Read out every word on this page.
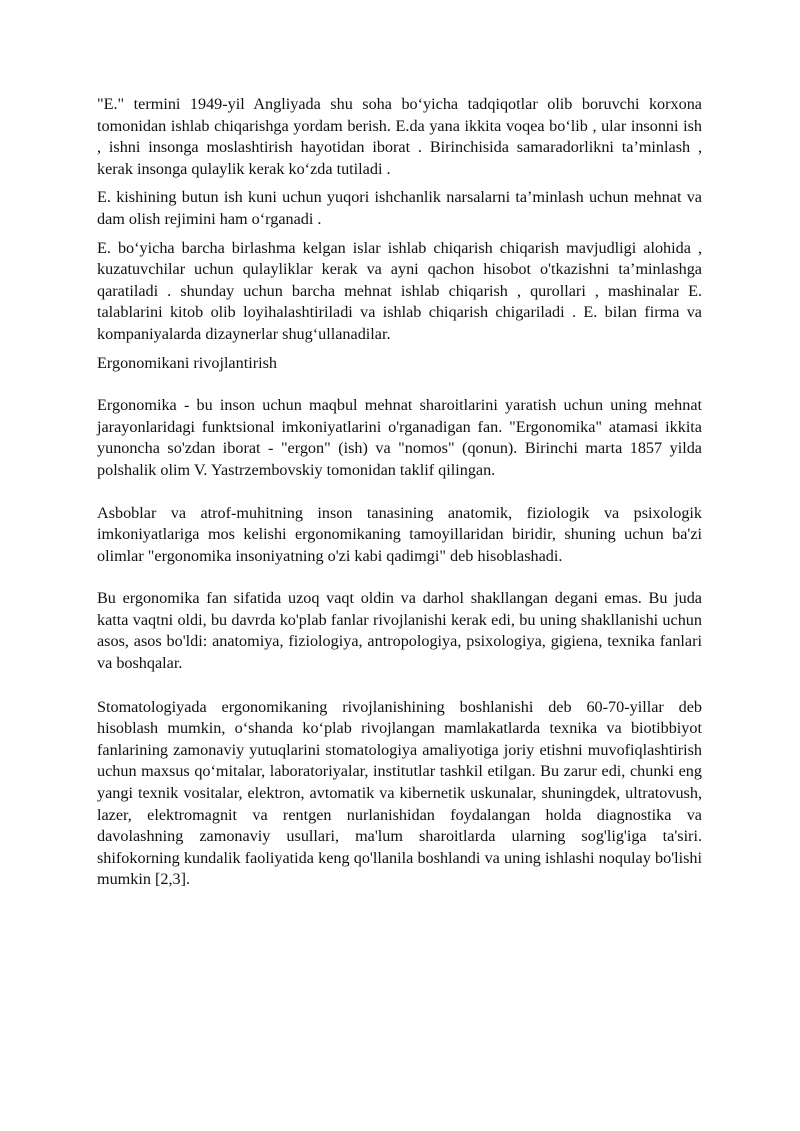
"E." termini 1949-yil Angliyada shu soha bo‘yicha tadqiqotlar olib boruvchi korxona tomonidan ishlab chiqarishga yordam berish. E.da yana ikkita voqea bo‘lib , ular insonni ish , ishni insonga moslashtirish hayotidan iborat . Birinchisida samaradorlikni ta’minlash , kerak insonga qulaylik kerak ko‘zda tutiladi .

E. kishining butun ish kuni uchun yuqori ishchanlik narsalarni ta’minlash uchun mehnat va dam olish rejimini ham o‘rganadi .

E. bo‘yicha barcha birlashma kelgan islar ishlab chiqarish chiqarish mavjudligi alohida , kuzatuvchilar uchun qulayliklar kerak va ayni qachon hisobot o'tkazishni ta’minlashga qaratiladi . shunday uchun barcha mehnat ishlab chiqarish , qurollari , mashinalar E. talablarini kitob olib loyihalashtiriladi va ishlab chiqarish chigariladi . E. bilan firma va kompaniyalarda dizaynerlar shug‘ullanadilar.

Ergonomikani rivojlantirish

Ergonomika - bu inson uchun maqbul mehnat sharoitlarini yaratish uchun uning mehnat jarayonlaridagi funktsional imkoniyatlarini o'rganadigan fan. "Ergonomika" atamasi ikkita yunoncha so'zdan iborat - "ergon" (ish) va "nomos" (qonun). Birinchi marta 1857 yilda polshalik olim V. Yastrzembovskiy tomonidan taklif qilingan.

Asboblar va atrof-muhitning inson tanasining anatomik, fiziologik va psixologik imkoniyatlariga mos kelishi ergonomikaning tamoyillaridan biridir, shuning uchun ba'zi olimlar "ergonomika insoniyatning o'zi kabi qadimgi" deb hisoblashadi.

Bu ergonomika fan sifatida uzoq vaqt oldin va darhol shakllangan degani emas. Bu juda katta vaqtni oldi, bu davrda ko'plab fanlar rivojlanishi kerak edi, bu uning shakllanishi uchun asos, asos bo'ldi: anatomiya, fiziologiya, antropologiya, psixologiya, gigiena, texnika fanlari va boshqalar.

Stomatologiyada ergonomikaning rivojlanishining boshlanishi deb 60-70-yillar deb hisoblash mumkin, o‘shanda ko‘plab rivojlangan mamlakatlarda texnika va biotibbiyot fanlarining zamonaviy yutuqlarini stomatologiya amaliyotiga joriy etishni muvofiqlashtirish uchun maxsus qo‘mitalar, laboratoriyalar, institutlar tashkil etilgan. Bu zarur edi, chunki eng yangi texnik vositalar, elektron, avtomatik va kibernetik uskunalar, shuningdek, ultratovush, lazer, elektromagnit va rentgen nurlanishidan foydalangan holda diagnostika va davolashning zamonaviy usullari, ma'lum sharoitlarda ularning sog'lig'iga ta'siri. shifokorning kundalik faoliyatida keng qo'llanila boshlandi va uning ishlashi noqulay bo'lishi mumkin [2,3].
